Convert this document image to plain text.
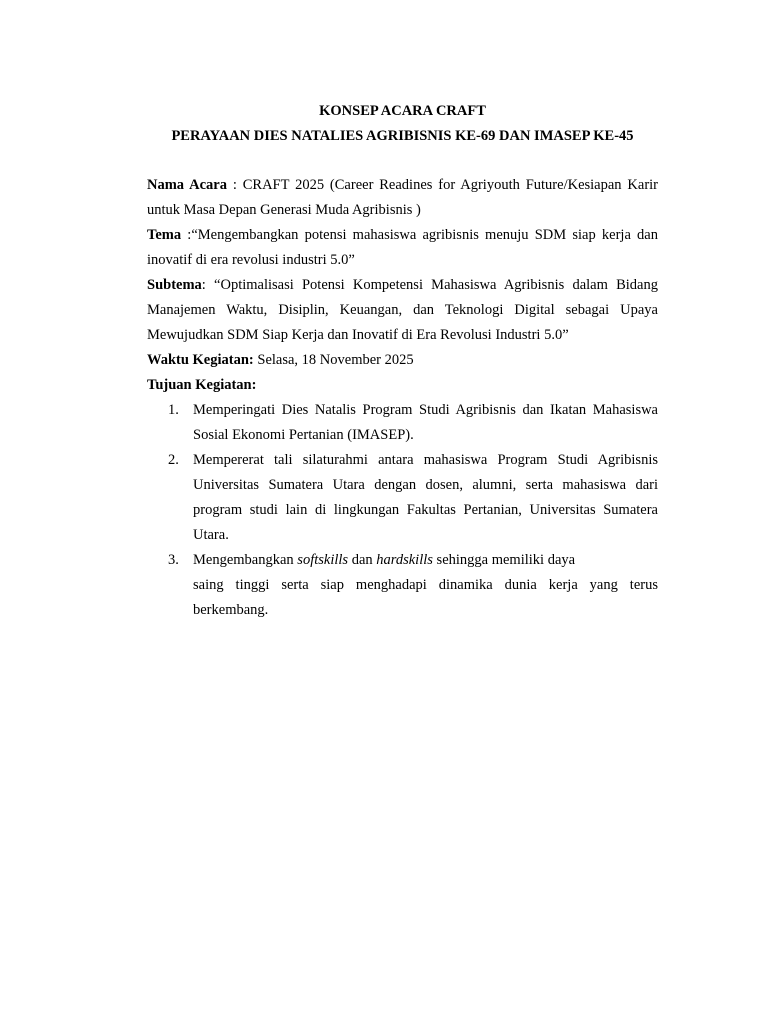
KONSEP ACARA CRAFT

PERAYAAN DIES NATALIES AGRIBISNIS KE-69 DAN IMASEP KE-45

Nama Acara : CRAFT 2025 (Career Readines for Agriyouth Future/Kesiapan Karir untuk Masa Depan Generasi Muda Agribisnis )

Tema :“Mengembangkan potensi mahasiswa agribisnis menuju SDM siap kerja dan inovatif di era revolusi industri 5.0”

Subtema: “Optimalisasi Potensi Kompetensi Mahasiswa Agribisnis dalam Bidang Manajemen Waktu, Disiplin, Keuangan, dan Teknologi Digital sebagai Upaya Mewujudkan SDM Siap Kerja dan Inovatif di Era Revolusi Industri 5.0”

Waktu Kegiatan: Selasa, 18 November 2025

Tujuan Kegiatan:

1. Memperingati Dies Natalis Program Studi Agribisnis dan Ikatan Mahasiswa Sosial Ekonomi Pertanian (IMASEP).
2. Mempererat tali silaturahmi antara mahasiswa Program Studi Agribisnis Universitas Sumatera Utara dengan dosen, alumni, serta mahasiswa dari program studi lain di lingkungan Fakultas Pertanian, Universitas Sumatera Utara.
3. Mengembangkan softskills dan hardskills sehingga memiliki daya
saing tinggi serta siap menghadapi dinamika dunia kerja yang terus
berkembang.
